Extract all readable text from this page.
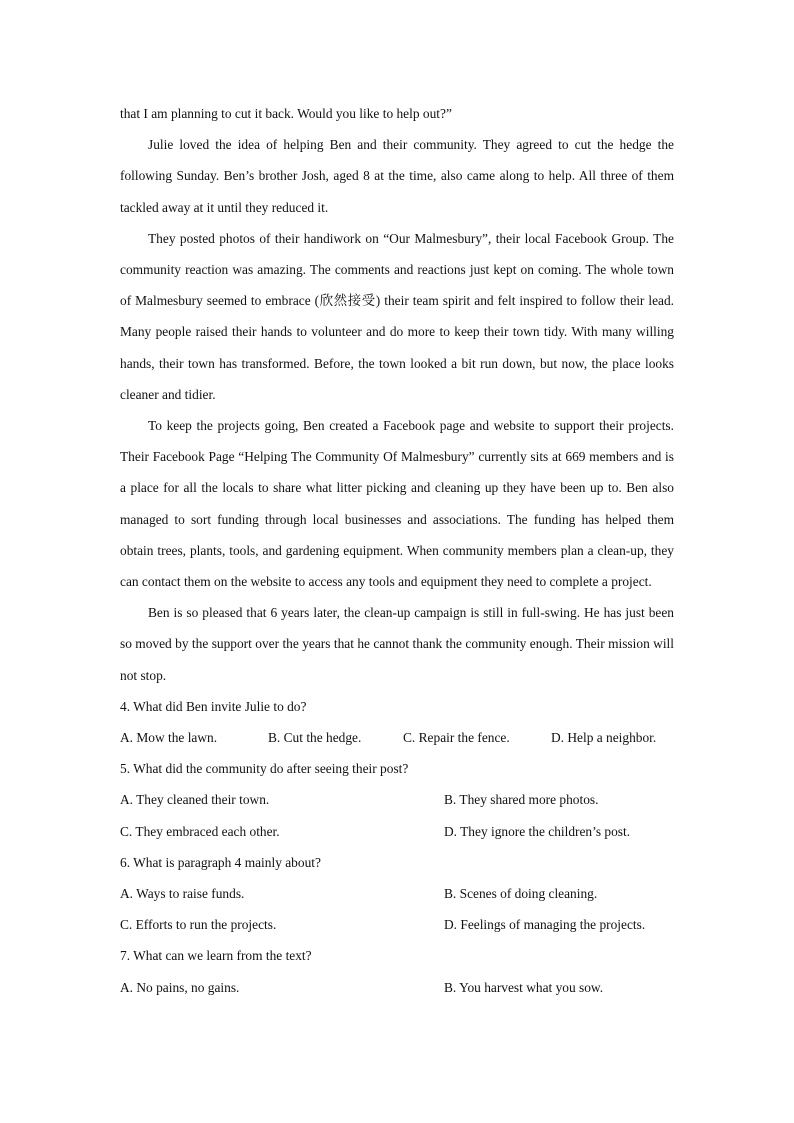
that I am planning to cut it back. Would you like to help out?”

Julie loved the idea of helping Ben and their community. They agreed to cut the hedge the following Sunday. Ben’s brother Josh, aged 8 at the time, also came along to help. All three of them tackled away at it until they reduced it.

They posted photos of their handiwork on “Our Malmesbury”, their local Facebook Group. The community reaction was amazing. The comments and reactions just kept on coming. The whole town of Malmesbury seemed to embrace (欣然接受) their team spirit and felt inspired to follow their lead. Many people raised their hands to volunteer and do more to keep their town tidy. With many willing hands, their town has transformed. Before, the town looked a bit run down, but now, the place looks cleaner and tidier.

To keep the projects going, Ben created a Facebook page and website to support their projects. Their Facebook Page “Helping The Community Of Malmesbury” currently sits at 669 members and is a place for all the locals to share what litter picking and cleaning up they have been up to. Ben also managed to sort funding through local businesses and associations. The funding has helped them obtain trees, plants, tools, and gardening equipment. When community members plan a clean-up, they can contact them on the website to access any tools and equipment they need to complete a project.

Ben is so pleased that 6 years later, the clean-up campaign is still in full-swing. He has just been so moved by the support over the years that he cannot thank the community enough. Their mission will not stop.

4. What did Ben invite Julie to do?

A. Mow the lawn.	B. Cut the hedge.	C. Repair the fence.	D. Help a neighbor.

5. What did the community do after seeing their post?

A. They cleaned their town.	B. They shared more photos.
C. They embraced each other.	D. They ignore the children’s post.

6. What is paragraph 4 mainly about?

A. Ways to raise funds.	B. Scenes of doing cleaning.
C. Efforts to run the projects.	D. Feelings of managing the projects.

7. What can we learn from the text?

A. No pains, no gains.	B. You harvest what you sow.
